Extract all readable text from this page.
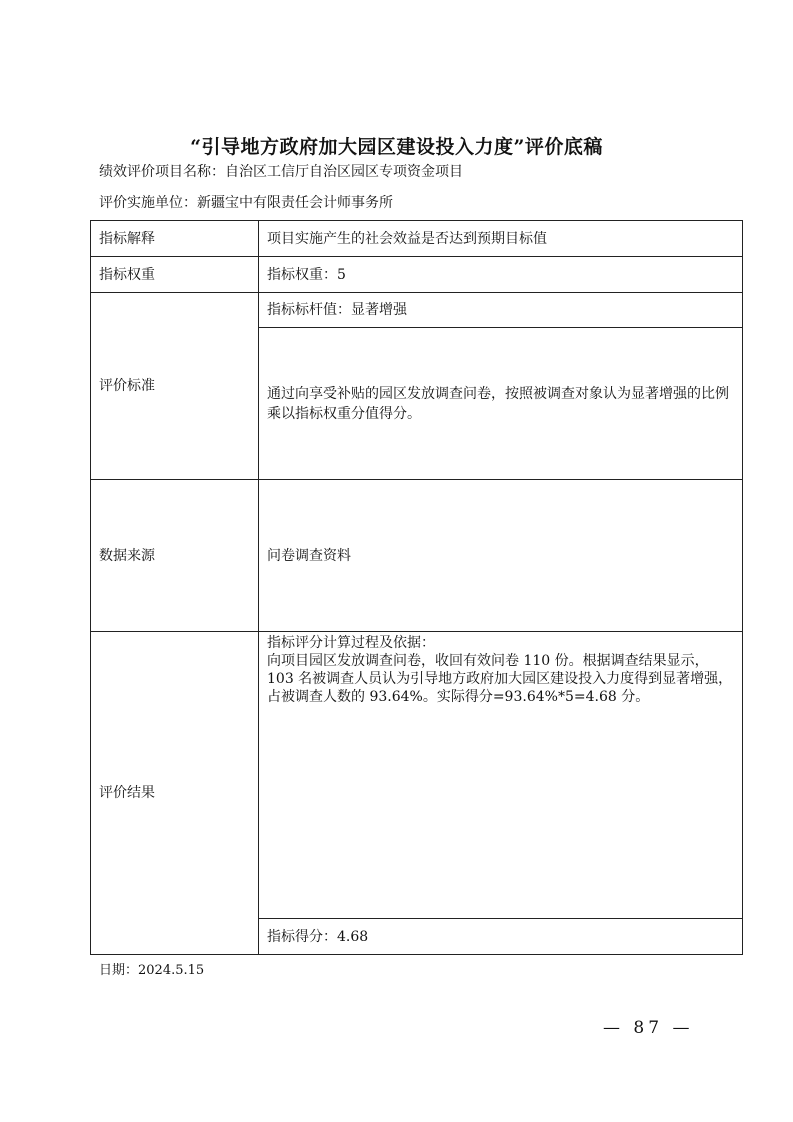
“引导地方政府加大园区建设投入力度”评价底稿
绩效评价项目名称：自治区工信厅自治区园区专项资金项目
评价实施单位：新疆宝中有限责任会计师事务所
指标解释	项目实施产生的社会效益是否达到预期目标值
指标权重	指标权重：5
评价标准	指标标杆值：显著增强
	通过向享受补贴的园区发放调查问卷，按照被调查对象认为显著增强的比例乘以指标权重分值得分。
数据来源	问卷调查资料
评价结果	指标评分计算过程及依据：
向项目园区发放调查问卷，收回有效问卷 110 份。根据调查结果显示，103 名被调查人员认为引导地方政府加大园区建设投入力度得到显著增强，占被调查人数的 93.64%。实际得分=93.64%*5=4.68 分。

	指标得分：4.68
日期：2024.5.15
— 87 —
